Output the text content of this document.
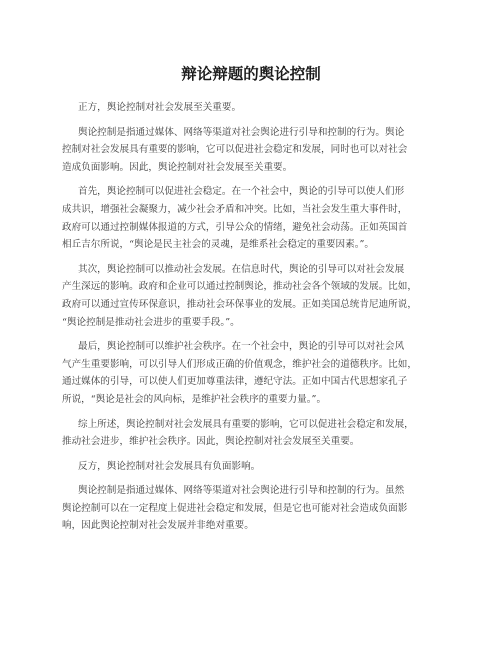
辩论辩题的舆论控制

正方，舆论控制对社会发展至关重要。

舆论控制是指通过媒体、网络等渠道对社会舆论进行引导和控制的行为。舆论
控制对社会发展具有重要的影响，它可以促进社会稳定和发展，同时也可以对社会
造成负面影响。因此，舆论控制对社会发展至关重要。

首先，舆论控制可以促进社会稳定。在一个社会中，舆论的引导可以使人们形
成共识，增强社会凝聚力，减少社会矛盾和冲突。比如，当社会发生重大事件时，
政府可以通过控制媒体报道的方式，引导公众的情绪，避免社会动荡。正如英国首
相丘吉尔所说，“舆论是民主社会的灵魂，是维系社会稳定的重要因素。”。

其次，舆论控制可以推动社会发展。在信息时代，舆论的引导可以对社会发展
产生深远的影响。政府和企业可以通过控制舆论，推动社会各个领域的发展。比如，
政府可以通过宣传环保意识，推动社会环保事业的发展。正如美国总统肯尼迪所说，
“舆论控制是推动社会进步的重要手段。”。

最后，舆论控制可以维护社会秩序。在一个社会中，舆论的引导可以对社会风
气产生重要影响，可以引导人们形成正确的价值观念，维护社会的道德秩序。比如，
通过媒体的引导，可以使人们更加尊重法律，遵纪守法。正如中国古代思想家孔子
所说，“舆论是社会的风向标，是维护社会秩序的重要力量。”。

综上所述，舆论控制对社会发展具有重要的影响，它可以促进社会稳定和发展，
推动社会进步，维护社会秩序。因此，舆论控制对社会发展至关重要。

反方，舆论控制对社会发展具有负面影响。

舆论控制是指通过媒体、网络等渠道对社会舆论进行引导和控制的行为。虽然
舆论控制可以在一定程度上促进社会稳定和发展，但是它也可能对社会造成负面影
响，因此舆论控制对社会发展并非绝对重要。
